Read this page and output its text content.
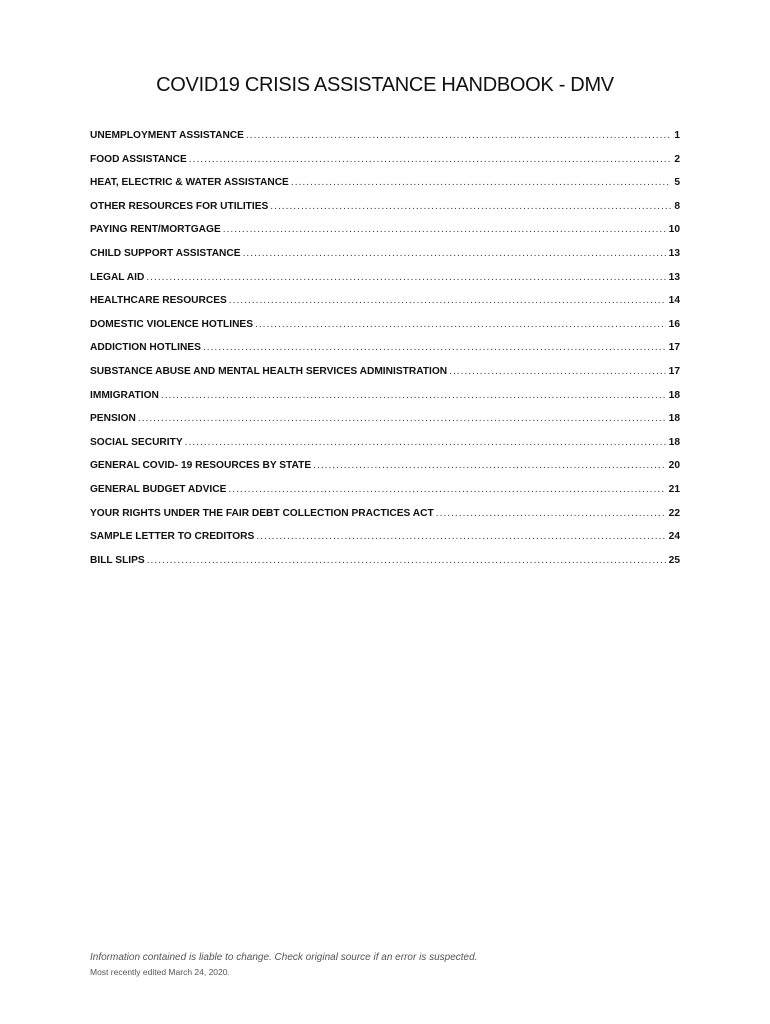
COVID19 CRISIS ASSISTANCE HANDBOOK - DMV
UNEMPLOYMENT ASSISTANCE .....	1
FOOD ASSISTANCE .....	2
HEAT, ELECTRIC & WATER ASSISTANCE .....	5
OTHER RESOURCES FOR UTILITIES .....	8
PAYING RENT/MORTGAGE .....	10
CHILD SUPPORT ASSISTANCE .....	13
LEGAL AID .....	13
HEALTHCARE RESOURCES .....	14
DOMESTIC VIOLENCE HOTLINES .....	16
ADDICTION HOTLINES .....	17
SUBSTANCE ABUSE AND MENTAL HEALTH SERVICES ADMINISTRATION .....	17
IMMIGRATION .....	18
PENSION .....	18
SOCIAL SECURITY .....	18
GENERAL COVID- 19 RESOURCES BY STATE .....	20
GENERAL BUDGET ADVICE .....	21
YOUR RIGHTS UNDER THE FAIR DEBT COLLECTION PRACTICES ACT .....	22
SAMPLE LETTER TO CREDITORS .....	24
BILL SLIPS .....	25

Information contained is liable to change. Check original source if an error is suspected.

Most recently edited March 24, 2020.
